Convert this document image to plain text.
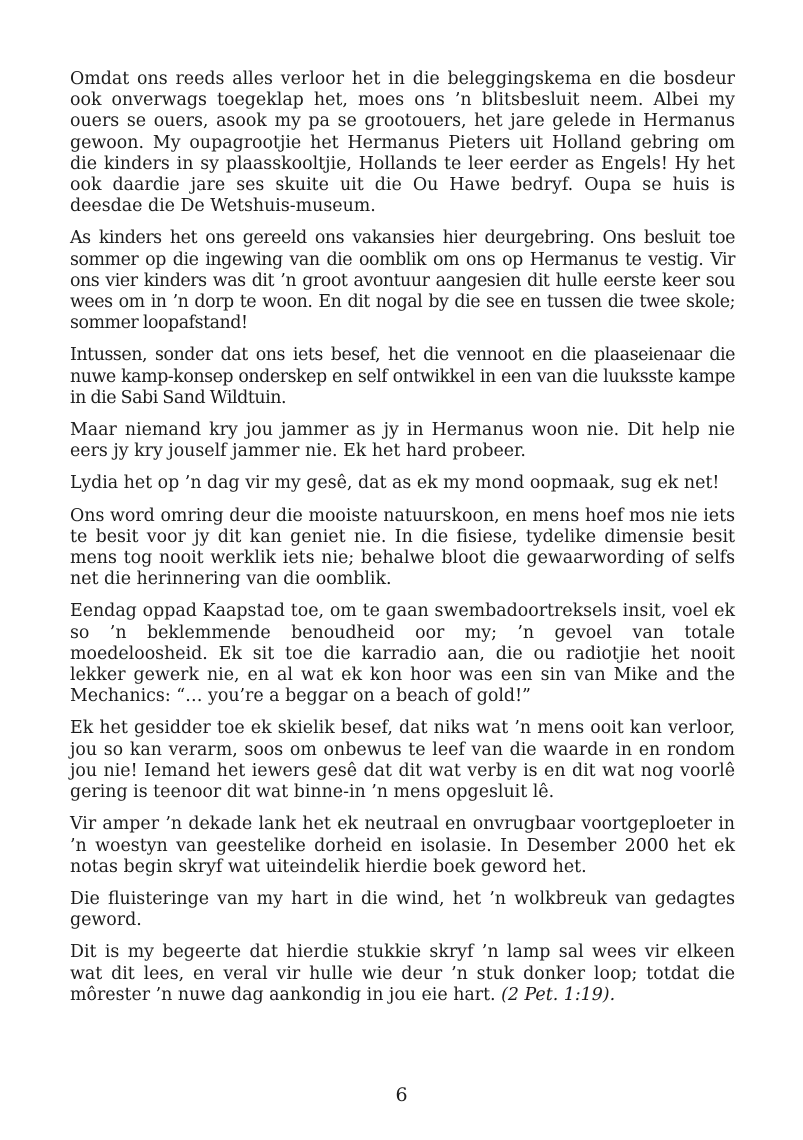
Omdat ons reeds alles verloor het in die beleggingskema en die bosdeur ook onverwags toegeklap het, moes ons ’n blitsbesluit neem. Albei my ouers se ouers, asook my pa se grootouers, het jare gelede in Hermanus gewoon. My oupagrootjie het Hermanus Pieters uit Holland gebring om die kinders in sy plaasskooltjie, Hollands te leer eerder as Engels! Hy het ook daardie jare ses skuite uit die Ou Hawe bedryf. Oupa se huis is deesdae die De Wetshuis-museum.

As kinders het ons gereeld ons vakansies hier deurgebring. Ons besluit toe sommer op die ingewing van die oomblik om ons op Hermanus te vestig. Vir ons vier kinders was dit ’n groot avontuur aangesien dit hulle eerste keer sou wees om in ’n dorp te woon. En dit nogal by die see en tussen die twee skole; sommer loopafstand!

Intussen, sonder dat ons iets besef, het die vennoot en die plaaseienaar die nuwe kamp-konsep onderskep en self ontwikkel in een van die luuksste kampe in die Sabi Sand Wildtuin.

Maar niemand kry jou jammer as jy in Hermanus woon nie. Dit help nie eers jy kry jouself jammer nie. Ek het hard probeer.

Lydia het op ’n dag vir my gesê, dat as ek my mond oopmaak, sug ek net!

Ons word omring deur die mooiste natuurskoon, en mens hoef mos nie iets te besit voor jy dit kan geniet nie. In die fisiese, tydelike dimensie besit mens tog nooit werklik iets nie; behalwe bloot die gewaarwording of selfs net die herinnering van die oomblik.

Eendag oppad Kaapstad toe, om te gaan swembadoortreksels insit, voel ek so ’n beklemmende benoudheid oor my; ’n gevoel van totale moedeloosheid. Ek sit toe die karradio aan, die ou radiotjie het nooit lekker gewerk nie, en al wat ek kon hoor was een sin van Mike and the Mechanics: “… you’re a beggar on a beach of gold!”

Ek het gesidder toe ek skielik besef, dat niks wat ’n mens ooit kan verloor, jou so kan verarm, soos om onbewus te leef van die waarde in en rondom jou nie! Iemand het iewers gesê dat dit wat verby is en dit wat nog voorlê gering is teenoor dit wat binne-in ’n mens opgesluit lê.

Vir amper ’n dekade lank het ek neutraal en onvrugbaar voortgeploeter in ’n woestyn van geestelike dorheid en isolasie. In Desember 2000 het ek notas begin skryf wat uiteindelik hierdie boek geword het.

Die fluisteringe van my hart in die wind, het ’n wolkbreuk van gedagtes geword.

Dit is my begeerte dat hierdie stukkie skryf ’n lamp sal wees vir elkeen wat dit lees, en veral vir hulle wie deur ’n stuk donker loop; totdat die môrester ’n nuwe dag aankondig in jou eie hart. (2 Pet. 1:19).

6
